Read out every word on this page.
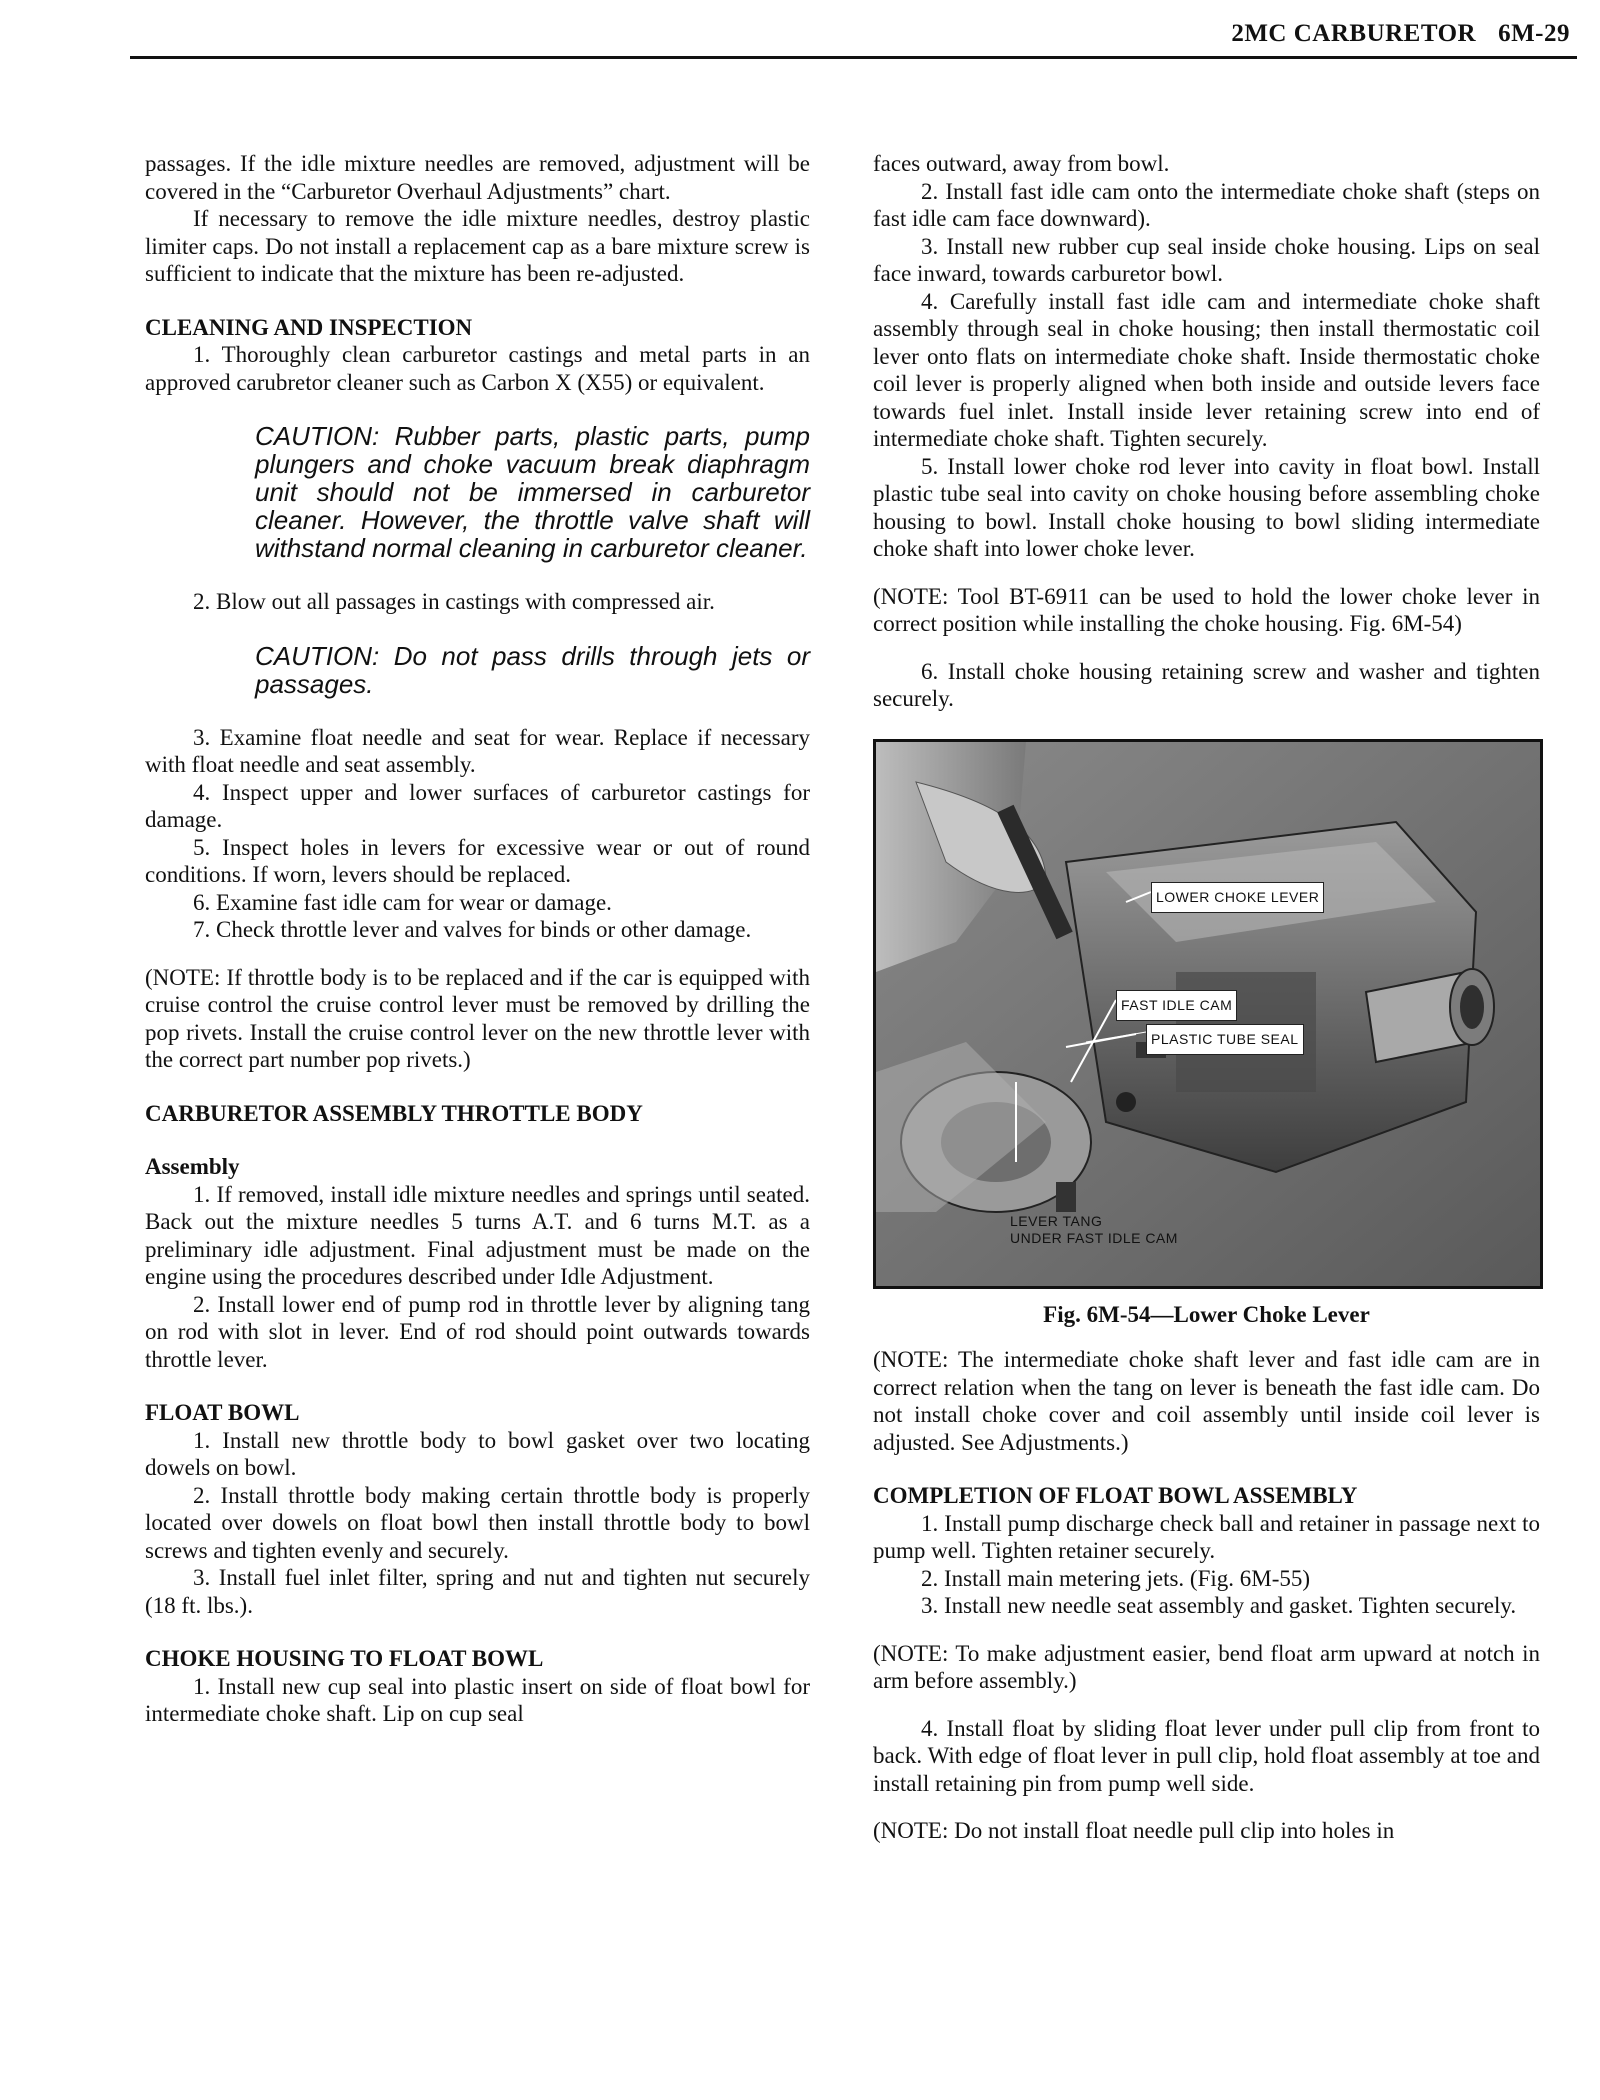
2MC CARBURETOR 6M-29

passages. If the idle mixture needles are removed, adjustment will be covered in the “Carburetor Overhaul Adjustments” chart.

If necessary to remove the idle mixture needles, destroy plastic limiter caps. Do not install a replacement cap as a bare mixture screw is sufficient to indicate that the mixture has been re-adjusted.

CLEANING AND INSPECTION

1. Thoroughly clean carburetor castings and metal parts in an approved carubretor cleaner such as Carbon X (X55) or equivalent.

CAUTION: Rubber parts, plastic parts, pump plungers and choke vacuum break diaphragm unit should not be immersed in carburetor cleaner. However, the throttle valve shaft will withstand normal cleaning in carburetor cleaner.

2. Blow out all passages in castings with compressed air.

CAUTION: Do not pass drills through jets or passages.

3. Examine float needle and seat for wear. Replace if necessary with float needle and seat assembly.

4. Inspect upper and lower surfaces of carburetor castings for damage.

5. Inspect holes in levers for excessive wear or out of round conditions. If worn, levers should be replaced.

6. Examine fast idle cam for wear or damage.

7. Check throttle lever and valves for binds or other damage.

(NOTE: If throttle body is to be replaced and if the car is equipped with cruise control the cruise control lever must be removed by drilling the pop rivets. Install the cruise control lever on the new throttle lever with the correct part number pop rivets.)

CARBURETOR ASSEMBLY THROTTLE BODY

Assembly

1. If removed, install idle mixture needles and springs until seated. Back out the mixture needles 5 turns A.T. and 6 turns M.T. as a preliminary idle adjustment. Final adjustment must be made on the engine using the procedures described under Idle Adjustment.

2. Install lower end of pump rod in throttle lever by aligning tang on rod with slot in lever. End of rod should point outwards towards throttle lever.

FLOAT BOWL

1. Install new throttle body to bowl gasket over two locating dowels on bowl.

2. Install throttle body making certain throttle body is properly located over dowels on float bowl then install throttle body to bowl screws and tighten evenly and securely.

3. Install fuel inlet filter, spring and nut and tighten nut securely (18 ft. lbs.).

CHOKE HOUSING TO FLOAT BOWL

1. Install new cup seal into plastic insert on side of float bowl for intermediate choke shaft. Lip on cup seal

faces outward, away from bowl.

2. Install fast idle cam onto the intermediate choke shaft (steps on fast idle cam face downward).

3. Install new rubber cup seal inside choke housing. Lips on seal face inward, towards carburetor bowl.

4. Carefully install fast idle cam and intermediate choke shaft assembly through seal in choke housing; then install thermostatic coil lever onto flats on intermediate choke shaft. Inside thermostatic choke coil lever is properly aligned when both inside and outside levers face towards fuel inlet. Install inside lever retaining screw into end of intermediate choke shaft. Tighten securely.

5. Install lower choke rod lever into cavity in float bowl. Install plastic tube seal into cavity on choke housing before assembling choke housing to bowl. Install choke housing to bowl sliding intermediate choke shaft into lower choke lever.

(NOTE: Tool BT-6911 can be used to hold the lower choke lever in correct position while installing the choke housing. Fig. 6M-54)

6. Install choke housing retaining screw and washer and tighten securely.

LOWER CHOKE LEVER
FAST IDLE CAM
PLASTIC TUBE SEAL
LEVER TANG
UNDER FAST IDLE CAM

Fig. 6M-54—Lower Choke Lever

(NOTE: The intermediate choke shaft lever and fast idle cam are in correct relation when the tang on lever is beneath the fast idle cam. Do not install choke cover and coil assembly until inside coil lever is adjusted. See Adjustments.)

COMPLETION OF FLOAT BOWL ASSEMBLY

1. Install pump discharge check ball and retainer in passage next to pump well. Tighten retainer securely.

2. Install main metering jets. (Fig. 6M-55)

3. Install new needle seat assembly and gasket. Tighten securely.

(NOTE: To make adjustment easier, bend float arm upward at notch in arm before assembly.)

4. Install float by sliding float lever under pull clip from front to back. With edge of float lever in pull clip, hold float assembly at toe and install retaining pin from pump well side.

(NOTE: Do not install float needle pull clip into holes in
